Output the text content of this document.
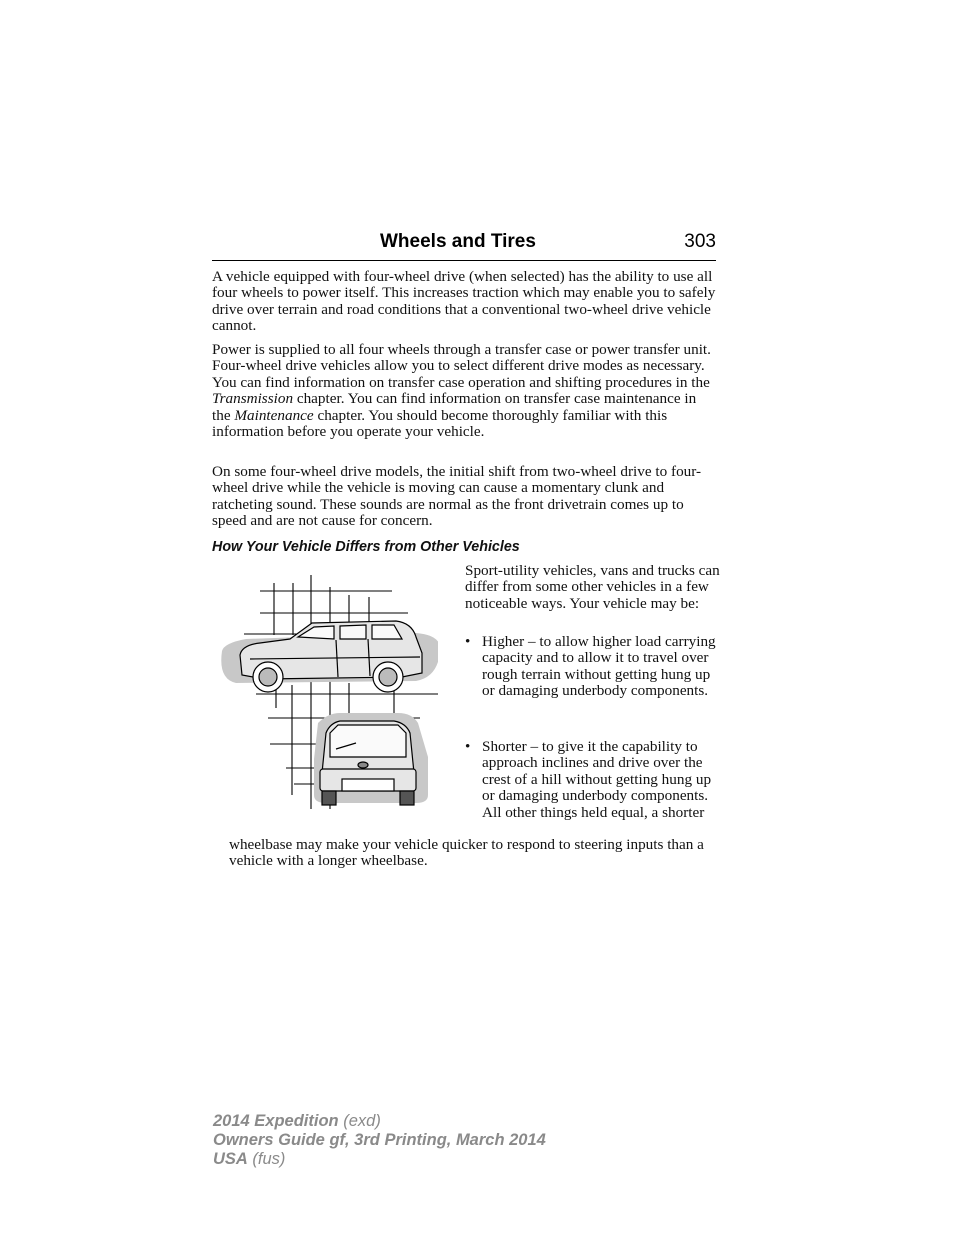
Wheels and Tires	303

A vehicle equipped with four-wheel drive (when selected) has the ability to use all four wheels to power itself. This increases traction which may enable you to safely drive over terrain and road conditions that a conventional two-wheel drive vehicle cannot.

Power is supplied to all four wheels through a transfer case or power transfer unit. Four-wheel drive vehicles allow you to select different drive modes as necessary. You can find information on transfer case operation and shifting procedures in the Transmission chapter. You can find information on transfer case maintenance in the Maintenance chapter. You should become thoroughly familiar with this information before you operate your vehicle.

On some four-wheel drive models, the initial shift from two-wheel drive to four-wheel drive while the vehicle is moving can cause a momentary clunk and ratcheting sound. These sounds are normal as the front drivetrain comes up to speed and are not cause for concern.

How Your Vehicle Differs from Other Vehicles

Sport-utility vehicles, vans and trucks can differ from some other vehicles in a few noticeable ways. Your vehicle may be:

• Higher – to allow higher load carrying capacity and to allow it to travel over rough terrain without getting hung up or damaging underbody components.
• Shorter – to give it the capability to approach inclines and drive over the crest of a hill without getting hung up or damaging underbody components. All other things held equal, a shorter

wheelbase may make your vehicle quicker to respond to steering inputs than a vehicle with a longer wheelbase.

2014 Expedition (exd)
Owners Guide gf, 3rd Printing, March 2014
USA (fus)
